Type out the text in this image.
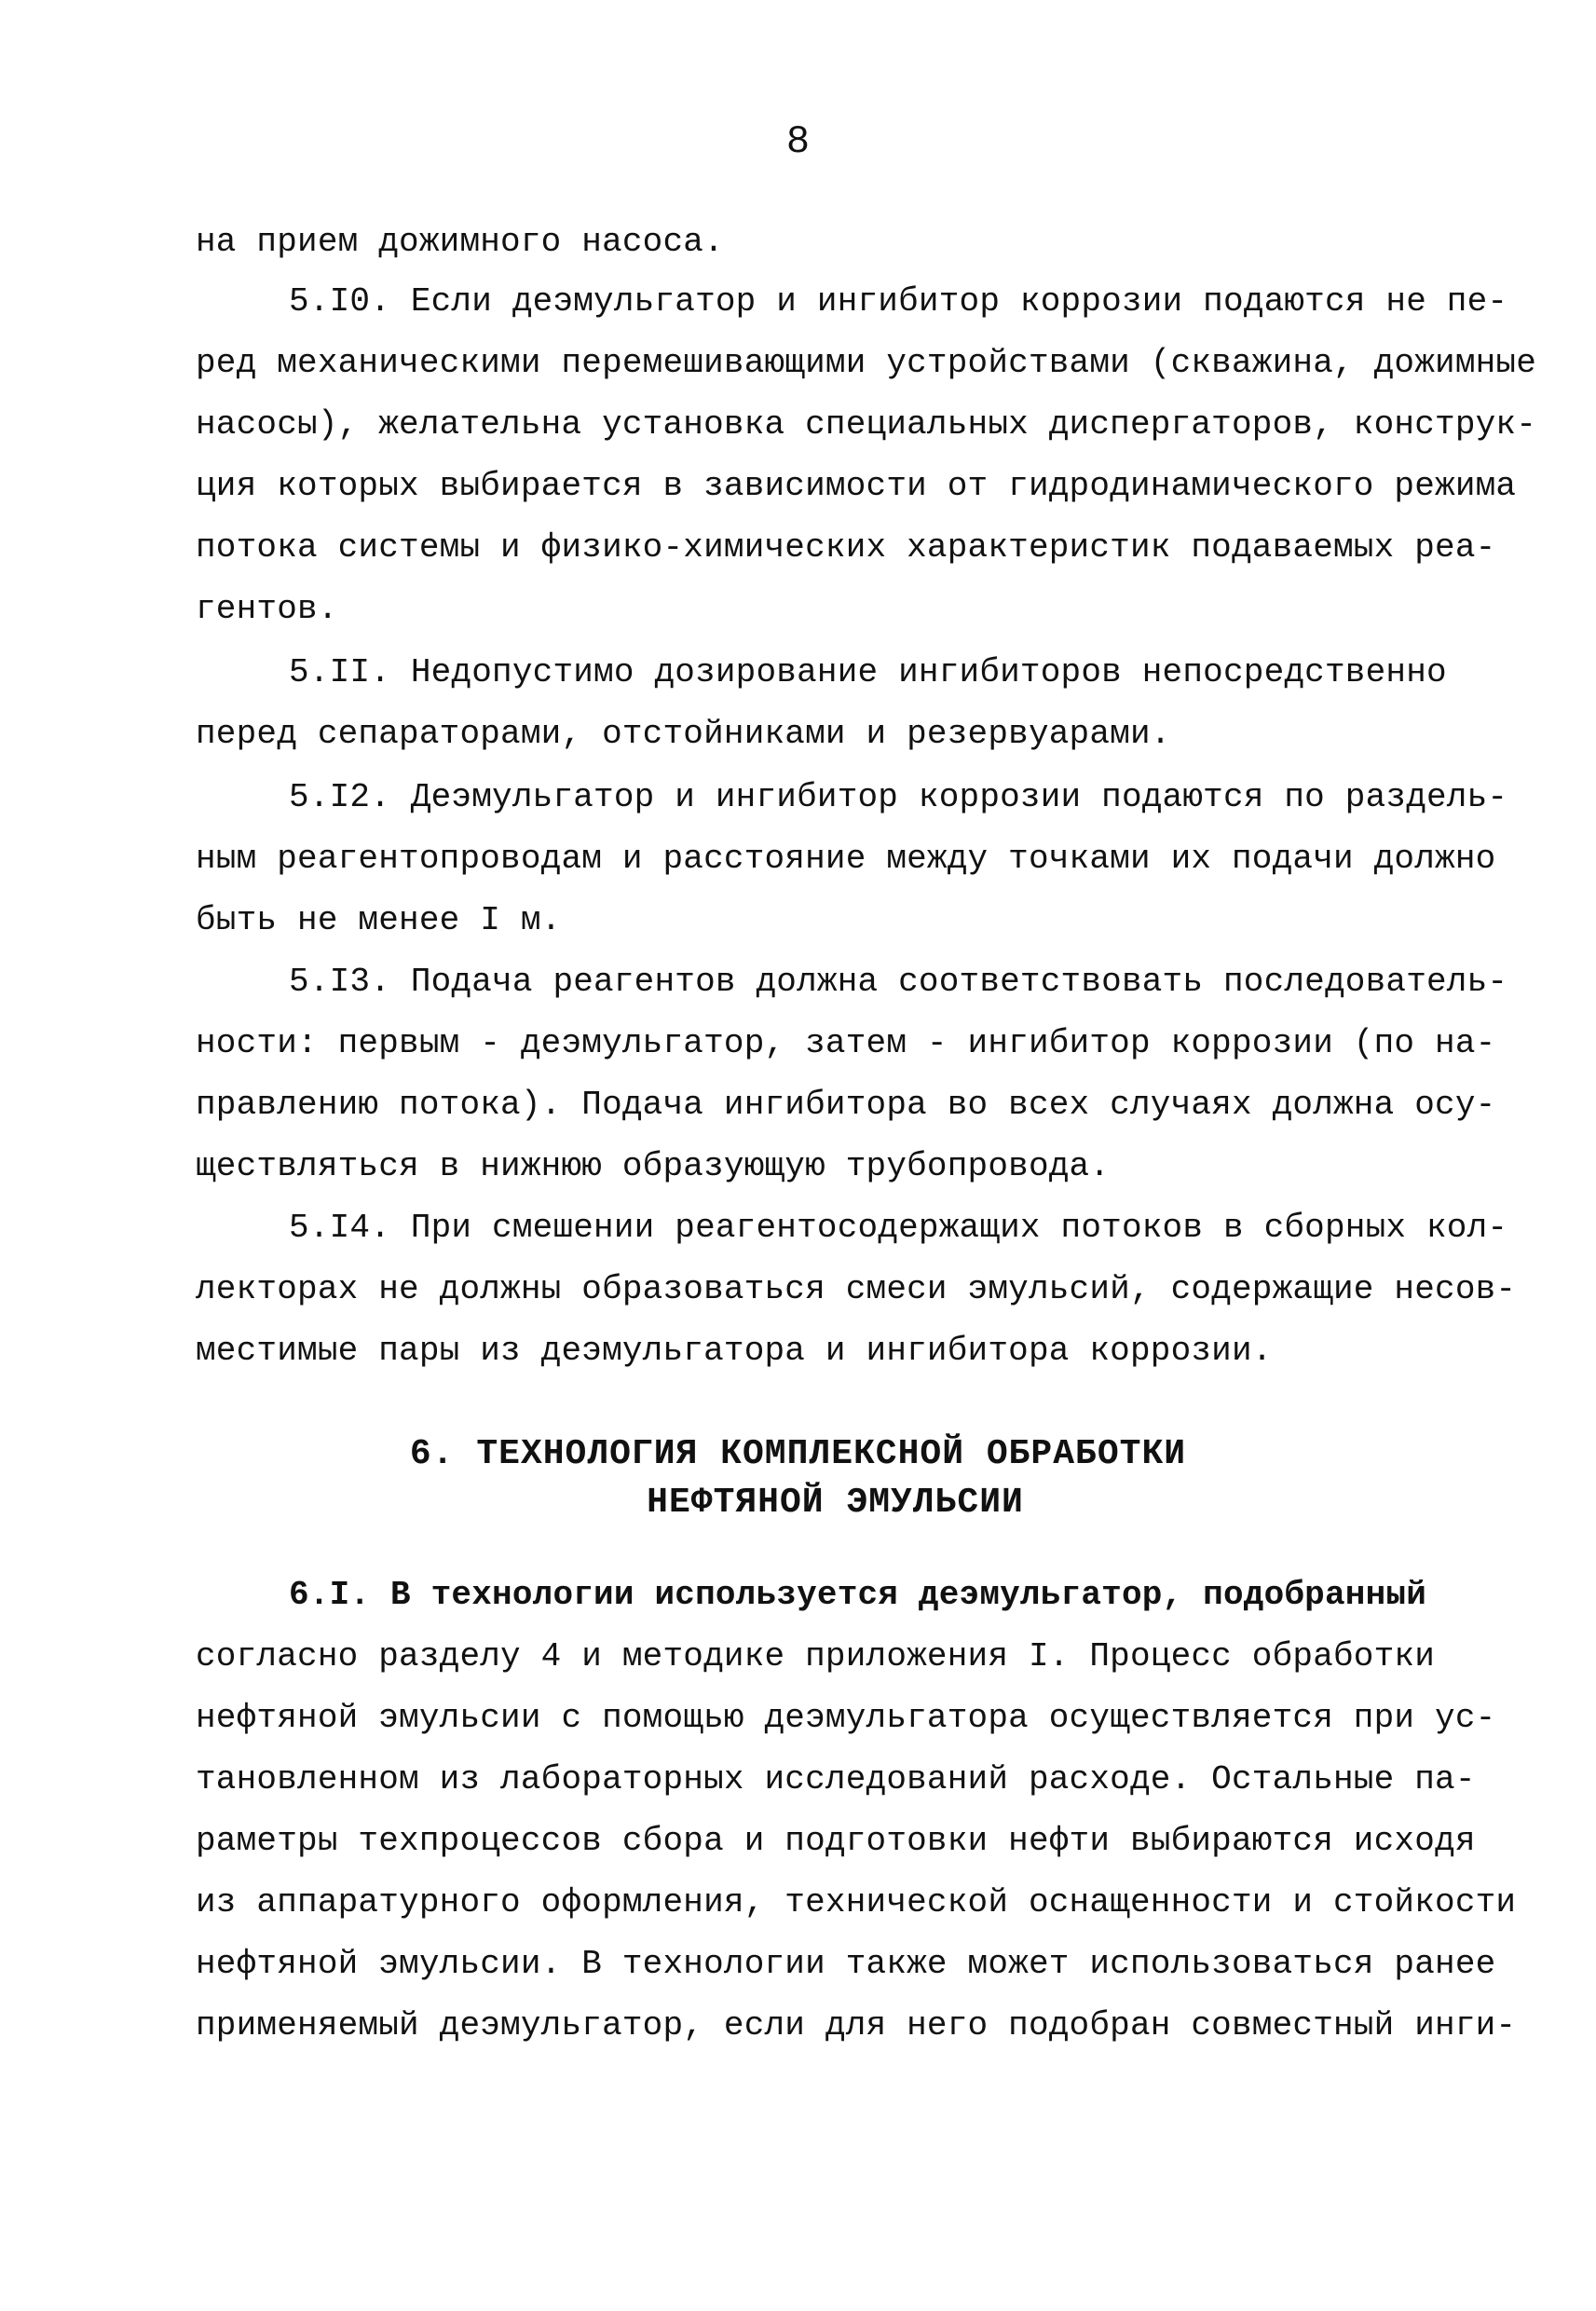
8
на прием дожимного насоса.
5.I0. Если деэмульгатор и ингибитор коррозии подаются не пе-
ред механическими перемешивающими устройствами (скважина, дожимные
насосы), желательна установка специальных диспергаторов, конструк-
ция которых выбирается в зависимости от гидродинамического режима
потока системы и физико-химических характеристик подаваемых реа-
гентов.
5.II. Недопустимо дозирование ингибиторов непосредственно
перед сепараторами, отстойниками и резервуарами.
5.I2. Деэмульгатор и ингибитор коррозии подаются по раздель-
ным реагентопроводам и расстояние между точками их подачи должно
быть не менее I м.
5.I3. Подача реагентов должна соответствовать последователь-
ности: первым - деэмульгатор, затем - ингибитор коррозии (по на-
правлению потока). Подача ингибитора во всех случаях должна осу-
ществляться в нижнюю образующую трубопровода.
5.I4. При смешении реагентосодержащих потоков в сборных кол-
лекторах не должны образоваться смеси эмульсий, содержащие несов-
местимые пары из деэмульгатора и ингибитора коррозии.
6. ТЕХНОЛОГИЯ КОМПЛЕКСНОЙ ОБРАБОТКИ
НЕФТЯНОЙ ЭМУЛЬСИИ
6.I. В технологии используется деэмульгатор, подобранный
согласно разделу 4 и методике приложения I. Процесс обработки
нефтяной эмульсии с помощью деэмульгатора осуществляется при ус-
тановленном из лабораторных исследований расходе. Остальные па-
раметры техпроцессов сбора и подготовки нефти выбираются исходя
из аппаратурного оформления, технической оснащенности и стойкости
нефтяной эмульсии. В технологии также может использоваться ранее
применяемый деэмульгатор, если для него подобран совместный инги-
